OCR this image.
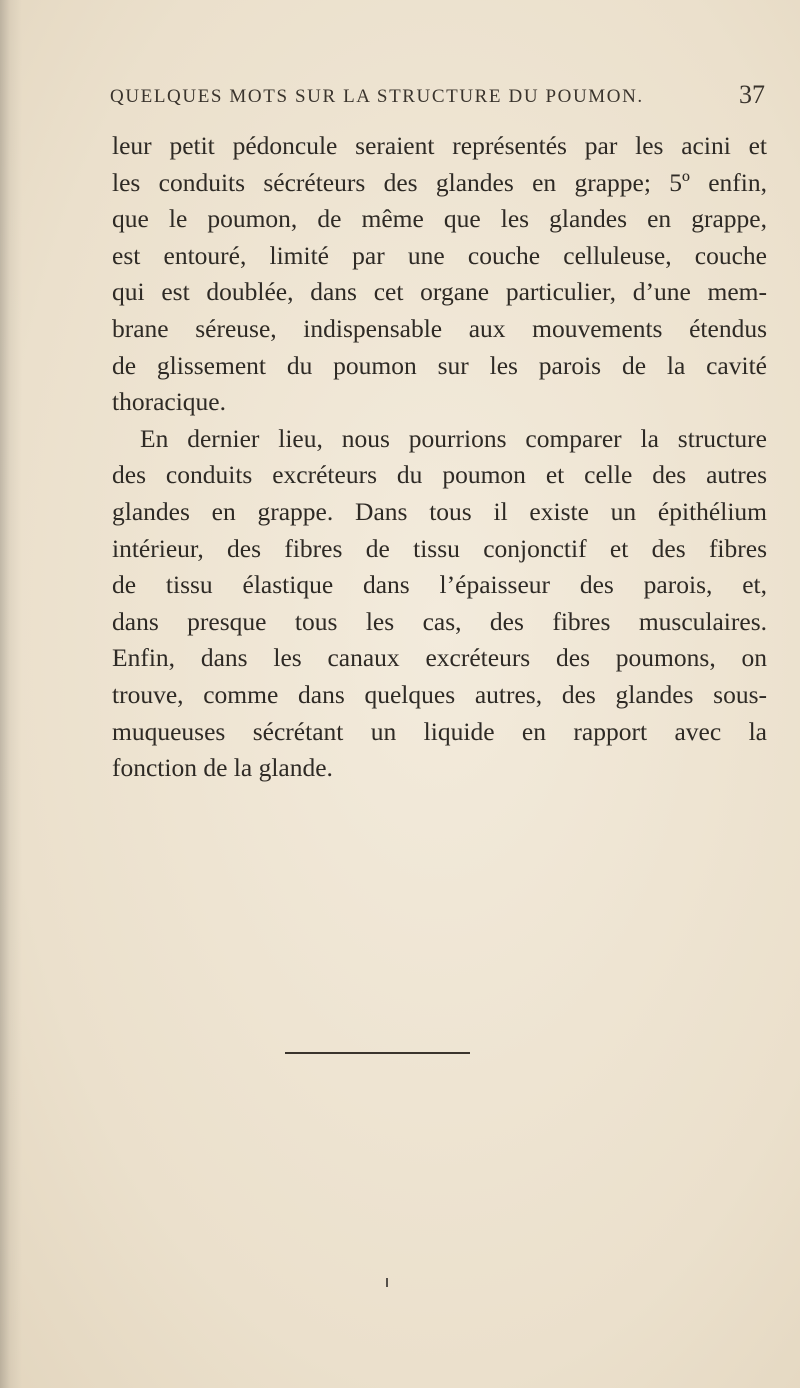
QUELQUES MOTS SUR LA STRUCTURE DU POUMON.	37
leur petit pédoncule seraient représentés par les acini et
les conduits sécréteurs des glandes en grappe; 5º enfin,
que le poumon, de même que les glandes en grappe,
est entouré, limité par une couche celluleuse, couche
qui est doublée, dans cet organe particulier, d’une mem-
brane séreuse, indispensable aux mouvements étendus
de glissement du poumon sur les parois de la cavité
thoracique.
En dernier lieu, nous pourrions comparer la structure
des conduits excréteurs du poumon et celle des autres
glandes en grappe. Dans tous il existe un épithélium
intérieur, des fibres de tissu conjonctif et des fibres
de tissu élastique dans l’épaisseur des parois, et,
dans presque tous les cas, des fibres musculaires.
Enfin, dans les canaux excréteurs des poumons, on
trouve, comme dans quelques autres, des glandes sous-
muqueuses sécrétant un liquide en rapport avec la
fonction de la glande.
